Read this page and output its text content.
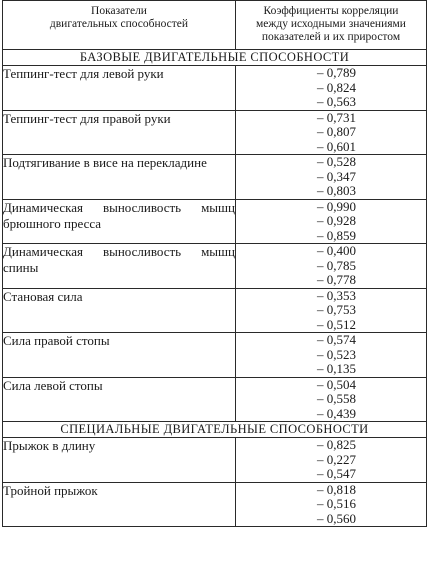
Показатели
двигательных способностей	Коэффициенты корреляции
между исходными значениями
показателей и их приростом

БАЗОВЫЕ ДВИГАТЕЛЬНЫЕ СПОСОБНОСТИ	
Теппинг-тест для левой руки	– 0,789
– 0,824
– 0,563

Теппинг-тест для правой руки	– 0,731
– 0,807
– 0,601

Подтягивание в висе на перекладине	– 0,528
– 0,347
– 0,803

Динамическая выносливость мышц брюшного пресса	– 0,990
– 0,928
– 0,859

Динамическая выносливость мышц спины	– 0,400
– 0,785
– 0,778

Становая сила	– 0,353
– 0,753
– 0,512

Сила правой стопы	– 0,574
– 0,523
– 0,135

Сила левой стопы	– 0,504
– 0,558
– 0,439

СПЕЦИАЛЬНЫЕ ДВИГАТЕЛЬНЫЕ СПОСОБНОСТИ	
Прыжок в длину	– 0,825
– 0,227
– 0,547

Тройной прыжок	– 0,818
– 0,516
– 0,560
